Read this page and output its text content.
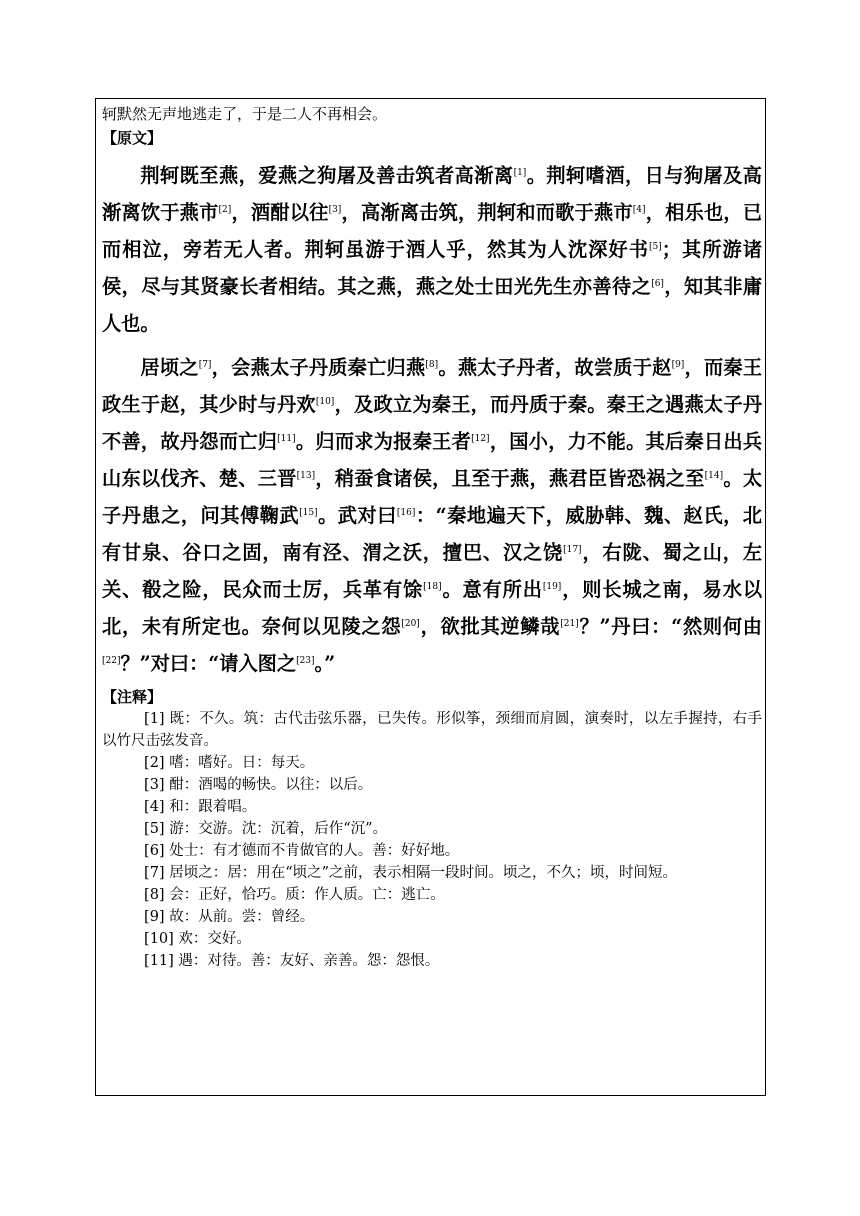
轲默然无声地逃走了，于是二人不再相会。
【原文】

荆轲既至燕，爱燕之狗屠及善击筑者高渐离[1]。荆轲嗜酒，日与狗屠及高渐离饮于燕市[2]，酒酣以往[3]，高渐离击筑，荆轲和而歌于燕市[4]，相乐也，已而相泣，旁若无人者。荆轲虽游于酒人乎，然其为人沈深好书[5]；其所游诸侯，尽与其贤豪长者相结。其之燕，燕之处士田光先生亦善待之[6]，知其非庸人也。

居顷之[7]，会燕太子丹质秦亡归燕[8]。燕太子丹者，故尝质于赵[9]，而秦王政生于赵，其少时与丹欢[10]，及政立为秦王，而丹质于秦。秦王之遇燕太子丹不善，故丹怨而亡归[11]。归而求为报秦王者[12]，国小，力不能。其后秦日出兵山东以伐齐、楚、三晋[13]，稍蚕食诸侯，且至于燕，燕君臣皆恐祸之至[14]。太子丹患之，问其傅鞠武[15]。武对曰[16]：“秦地遍天下，威胁韩、魏、赵氏，北有甘泉、谷口之固，南有泾、渭之沃，擅巴、汉之饶[17]，右陇、蜀之山，左关、殽之险，民众而士厉，兵革有馀[18]。意有所出[19]，则长城之南，易水以北，未有所定也。奈何以见陵之怨[20]，欲批其逆鳞哉[21]？”丹曰：“然则何由[22]？”对曰：“请入图之[23]。”

【注释】

[1] 既：不久。筑：古代击弦乐器，已失传。形似筝，颈细而肩圆，演奏时，以左手握持，右手以竹尺击弦发音。

[2] 嗜：嗜好。日：每天。

[3] 酣：酒喝的畅快。以往：以后。

[4] 和：跟着唱。

[5] 游：交游。沈：沉着，后作“沉”。

[6] 处士：有才德而不肯做官的人。善：好好地。

[7] 居顷之：居：用在“顷之”之前，表示相隔一段时间。顷之，不久；顷，时间短。

[8] 会：正好，恰巧。质：作人质。亡：逃亡。

[9] 故：从前。尝：曾经。

[10] 欢：交好。

[11] 遇：对待。善：友好、亲善。怨：怨恨。
